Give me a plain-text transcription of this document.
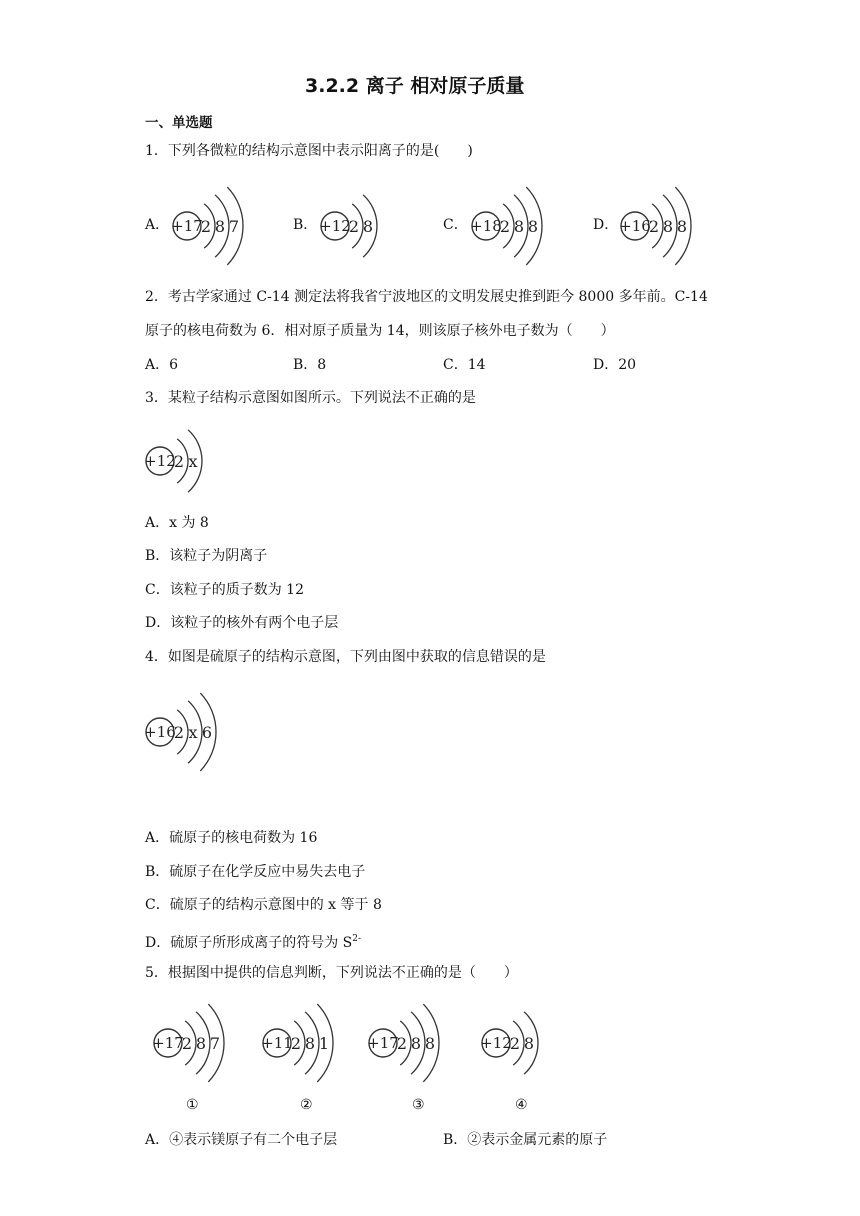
3.2.2 离子 相对原子质量
一、单选题
1．下列各微粒的结构示意图中表示阳离子的是(　　)
A． +17
2 8 7	B． +12
2 8	C． +18
2 8 8	D． +16
2 8 8
2．考古学家通过 C-14 测定法将我省宁波地区的文明发展史推到距今 8000 多年前。C-14
原子的核电荷数为 6．相对原子质量为 14，则该原子核外电子数为（　　）
A．6	B．8	C．14	D．20
3．某粒子结构示意图如图所示。下列说法不正确的是
+12
2 x
A．x 为 8
B．该粒子为阴离子
C．该粒子的质子数为 12
D．该粒子的核外有两个电子层
4．如图是硫原子的结构示意图，下列由图中获取的信息错误的是
+16
2 x 6
A．硫原子的核电荷数为 16
B．硫原子在化学反应中易失去电子
C．硫原子的结构示意图中的 x 等于 8
D．硫原子所形成离子的符号为 $S^{2-}$
5．根据图中提供的信息判断，下列说法不正确的是（　　）
+17
2 8 7	+11
2 8 1	+17
2 8 8	+12
2 8
①	②	③	④
A．④表示镁原子有二个电子层	B．②表示金属元素的原子
